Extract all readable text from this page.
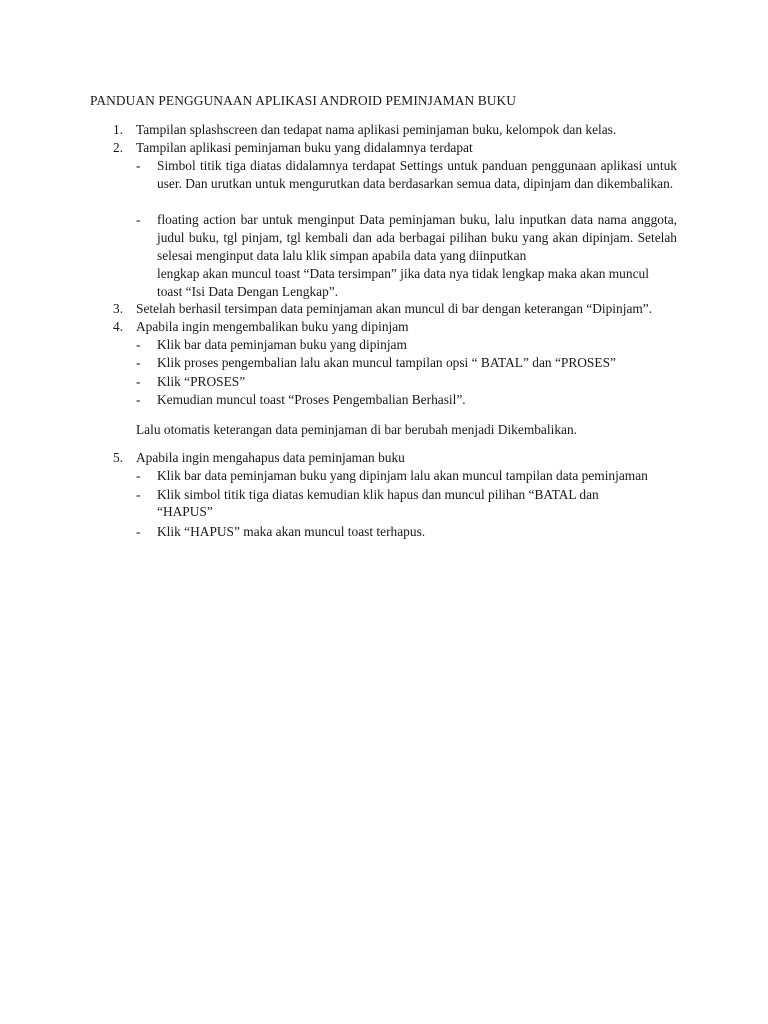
PANDUAN PENGGUNAAN APLIKASI ANDROID PEMINJAMAN BUKU
1. Tampilan splashscreen dan tedapat nama aplikasi peminjaman buku, kelompok dan kelas.
2. Tampilan aplikasi peminjaman buku yang didalamnya terdapat
- Simbol titik tiga diatas didalamnya terdapat Settings untuk panduan penggunaan aplikasi untuk user. Dan urutkan untuk mengurutkan data berdasarkan semua data, dipinjam dan dikembalikan.
- floating action bar untuk menginput Data peminjaman buku, lalu inputkan data nama anggota, judul buku, tgl pinjam, tgl kembali dan ada berbagai pilihan buku yang akan dipinjam. Setelah selesai menginput data lalu klik simpan apabila data yang diinputkan
lengkap akan muncul toast “Data tersimpan” jika data nya tidak lengkap maka akan muncul
toast “Isi Data Dengan Lengkap”.
3. Setelah berhasil tersimpan data peminjaman akan muncul di bar dengan keterangan “Dipinjam”.
4. Apabila ingin mengembalikan buku yang dipinjam
- Klik bar data peminjaman buku yang dipinjam
- Klik proses pengembalian lalu akan muncul tampilan opsi “ BATAL” dan “PROSES”
- Klik “PROSES”
- Kemudian muncul toast “Proses Pengembalian Berhasil”.
Lalu otomatis keterangan data peminjaman di bar berubah menjadi Dikembalikan.
5. Apabila ingin mengahapus data peminjaman buku
- Klik bar data peminjaman buku yang dipinjam lalu akan muncul tampilan data peminjaman
- Klik simbol titik tiga diatas kemudian klik hapus dan muncul pilihan “BATAL dan
“HAPUS”
- Klik “HAPUS” maka akan muncul toast terhapus.
